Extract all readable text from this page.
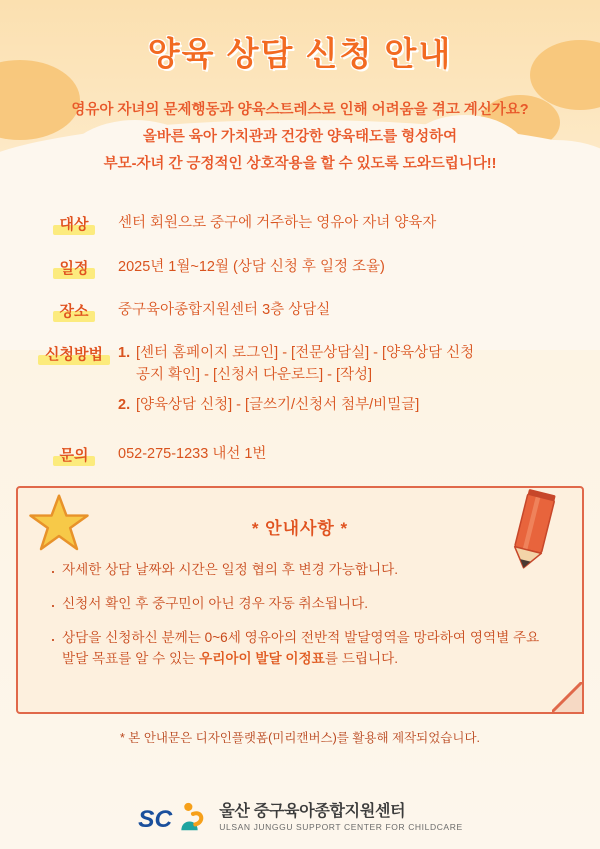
양육 상담 신청 안내
영유아 자녀의 문제행동과 양육스트레스로 인해 어려움을 겪고 계신가요?
올바른 육아 가치관과 건강한 양육태도를 형성하여
부모-자녀 간 긍정적인 상호작용을 할 수 있도록 도와드립니다!!
대상	센터 회원으로 중구에 거주하는 영유아 자녀 양육자
일정	2025년 1월~12월 (상담 신청 후 일정 조율)
장소	중구육아종합지원센터 3층 상담실
신청방법	1. [센터 홈페이지 로그인] - [전문상담실] - [양육상담 신청
공지 확인] - [신청서 다운로드] - [작성]
2. [양육상담 신청] - [글쓰기/신청서 첨부/비밀글]
문의	052-275-1233 내선 1번
* 안내사항 *
· 자세한 상담 날짜와 시간은 일정 협의 후 변경 가능합니다.
· 신청서 확인 후 중구민이 아닌 경우 자동 취소됩니다.
· 상담을 신청하신 분께는 0~6세 영유아의 전반적 발달영역을 망라하여 영역별 주요 발달 목표를 알 수 있는 우리아이 발달 이정표를 드립니다.
* 본 안내문은 디자인플랫폼(미리캔버스)를 활용해 제작되었습니다.
SC	울산 중구육아종합지원센터
ULSAN JUNGGU SUPPORT CENTER FOR CHILDCARE
